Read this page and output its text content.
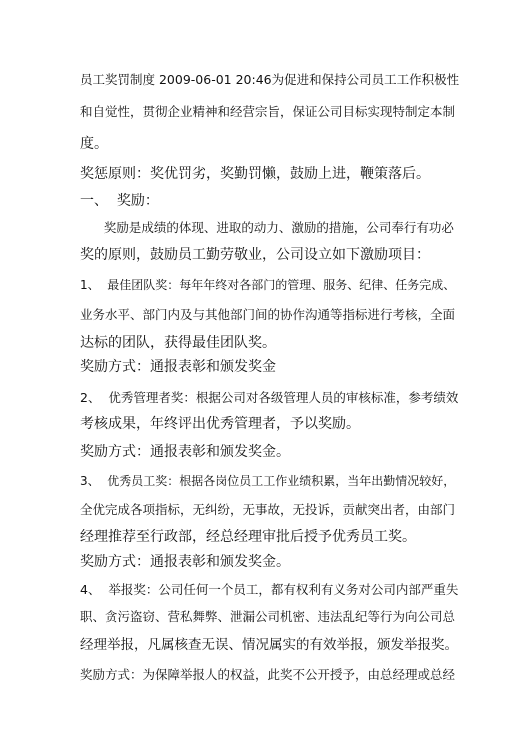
员工奖罚制度 2009-06-01 20:46为促进和保持公司员工工作积极性
和自觉性，贯彻企业精神和经营宗旨，保证公司目标实现特制定本制
度。
奖惩原则：奖优罚劣，奖勤罚懒，鼓励上进，鞭策落后。
一、  奖励：
奖励是成绩的体现、进取的动力、激励的措施，公司奉行有功必
奖的原则，鼓励员工勤劳敬业，公司设立如下激励项目：
1、  最佳团队奖：每年年终对各部门的管理、服务、纪律、任务完成、
业务水平、部门内及与其他部门间的协作沟通等指标进行考核，全面
达标的团队，获得最佳团队奖。
奖励方式：通报表彰和颁发奖金
2、  优秀管理者奖：根据公司对各级管理人员的审核标准，参考绩效
考核成果，年终评出优秀管理者，予以奖励。
奖励方式：通报表彰和颁发奖金。
3、  优秀员工奖：根据各岗位员工工作业绩积累，当年出勤情况较好，
全优完成各项指标，无纠纷，无事故，无投诉，贡献突出者，由部门
经理推荐至行政部，经总经理审批后授予优秀员工奖。
奖励方式：通报表彰和颁发奖金。
4、  举报奖：公司任何一个员工，都有权利有义务对公司内部严重失
职、贪污盗窃、营私舞弊、泄漏公司机密、违法乱纪等行为向公司总
经理举报，凡属核查无误、情况属实的有效举报，颁发举报奖。
奖励方式：为保障举报人的权益，此奖不公开授予，由总经理或总经
